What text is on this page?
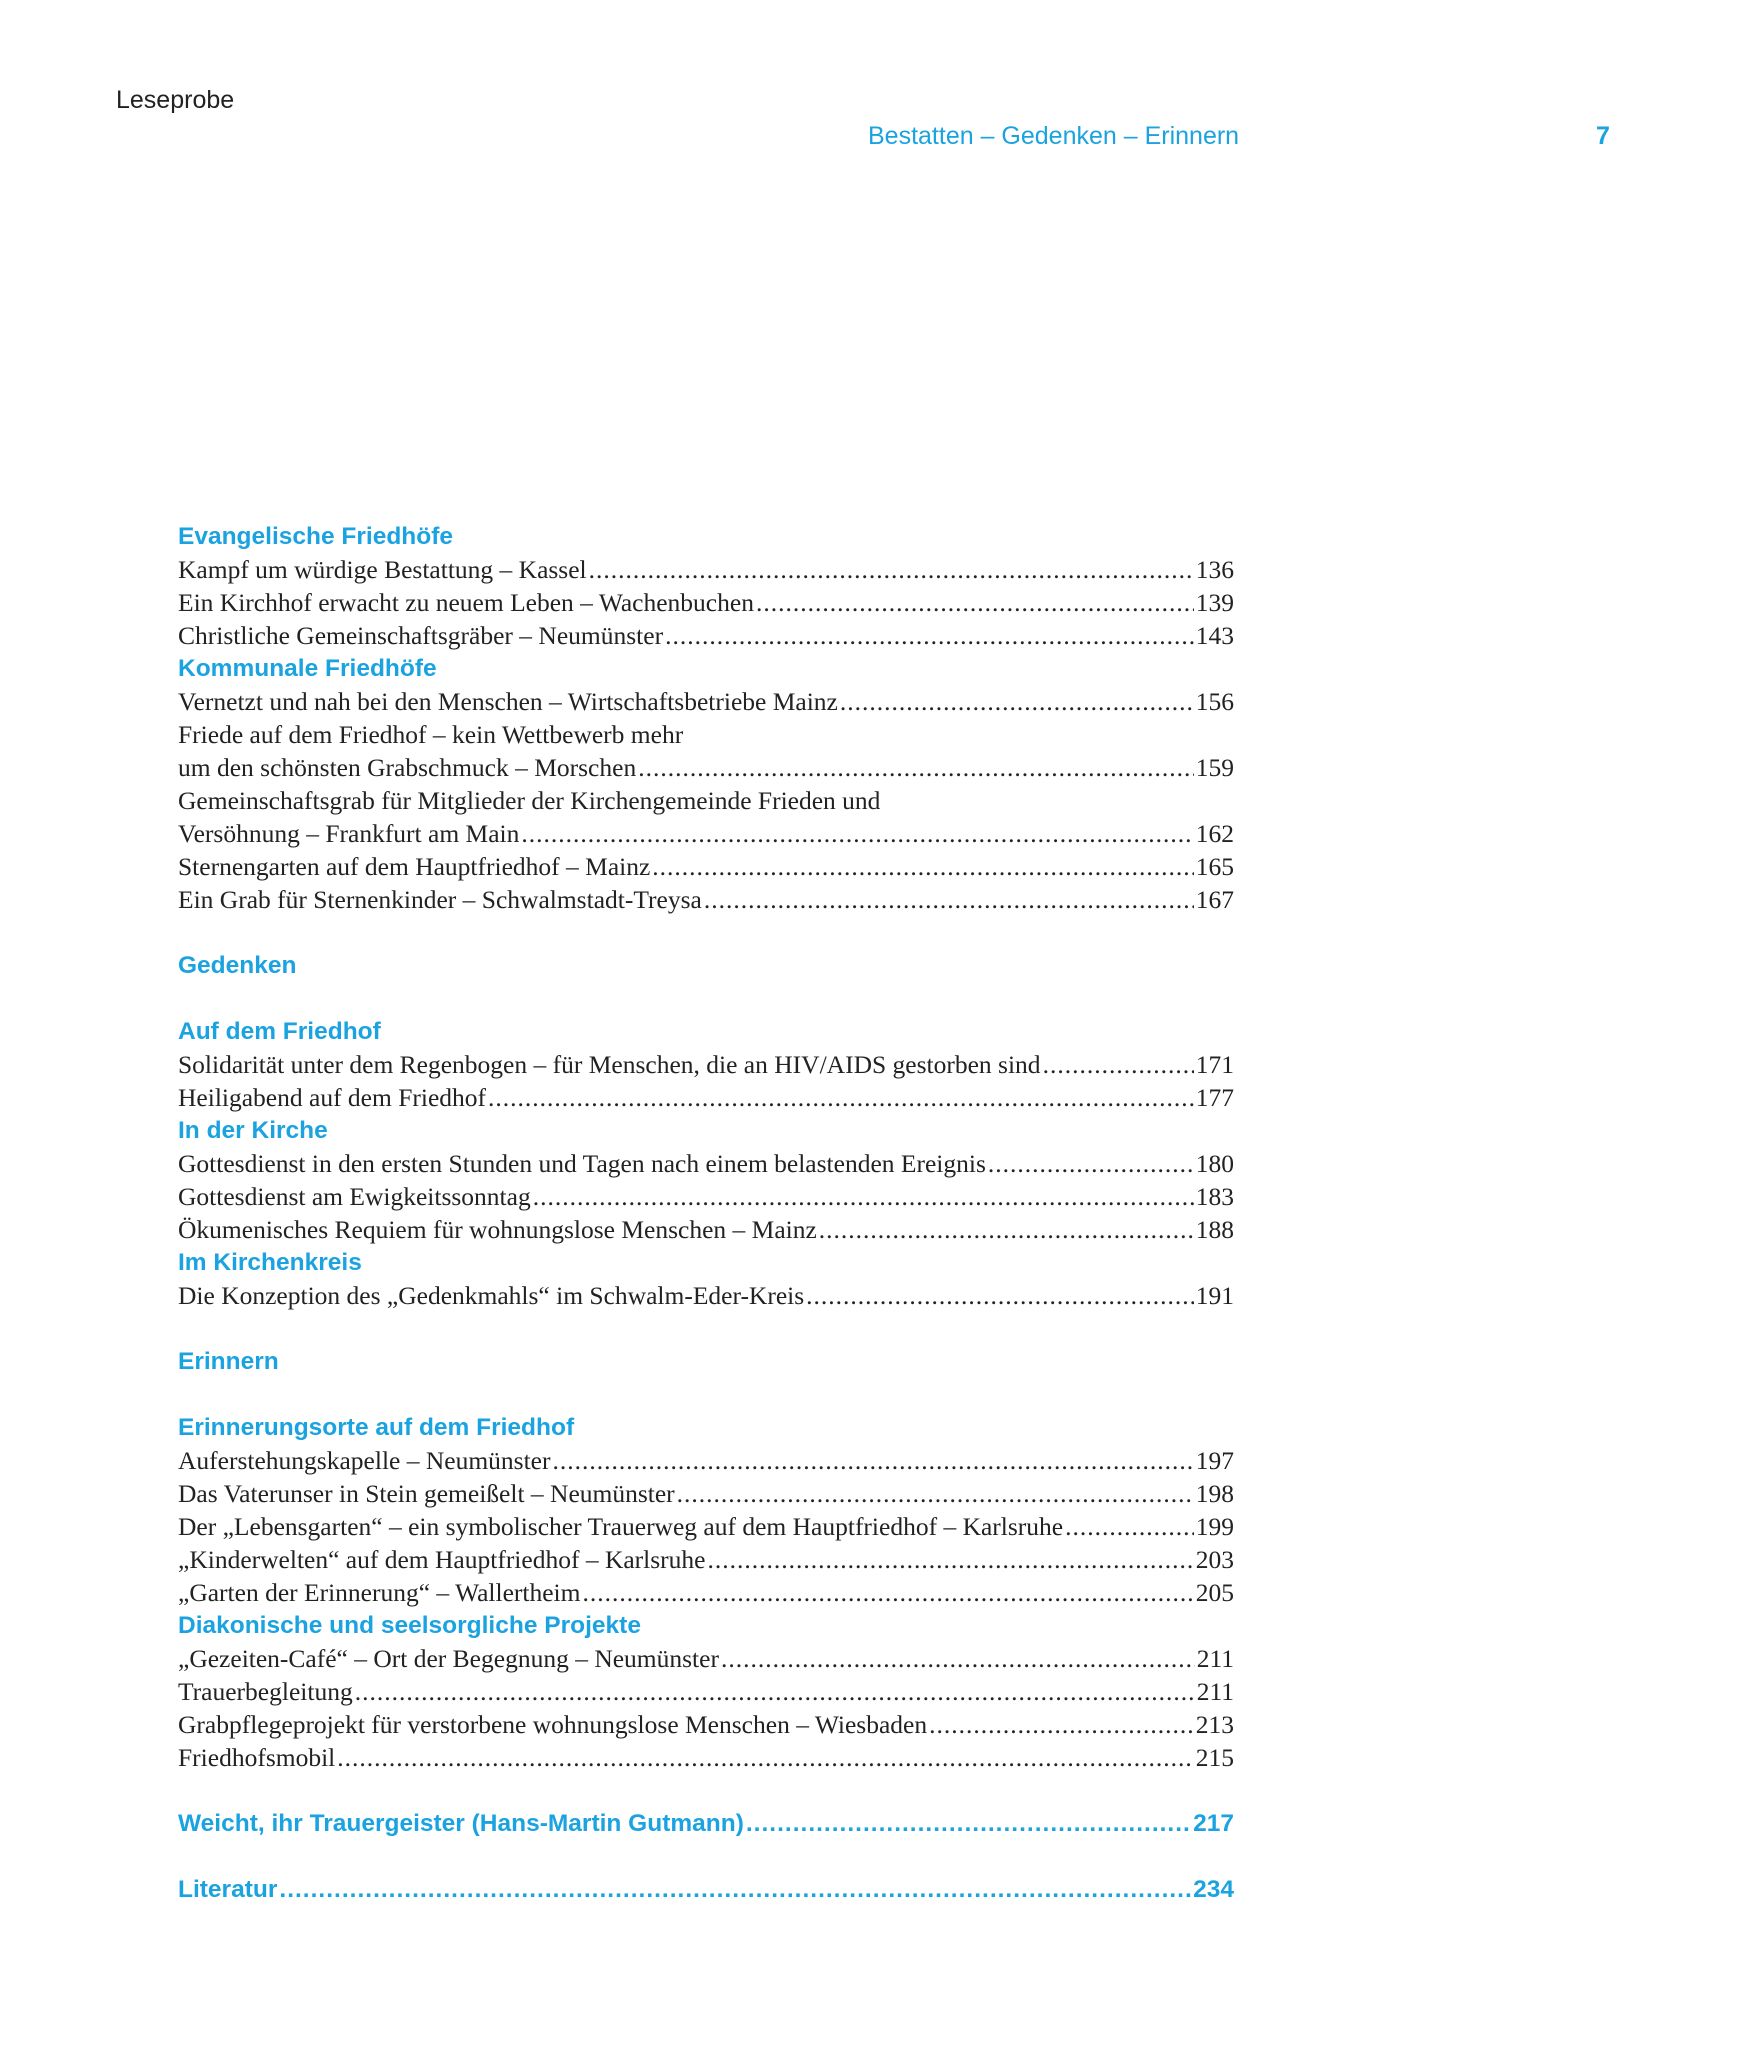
Leseprobe
Bestatten – Gedenken – Erinnern	7
Evangelische Friedhöfe
Kampf um würdige Bestattung – Kassel .....	136
Ein Kirchhof erwacht zu neuem Leben – Wachenbuchen .....	139
Christliche Gemeinschaftsgräber – Neumünster .....	143
Kommunale Friedhöfe
Vernetzt und nah bei den Menschen – Wirtschaftsbetriebe Mainz .....	156
Friede auf dem Friedhof – kein Wettbewerb mehr
um den schönsten Grabschmuck – Morschen .....	159
Gemeinschaftsgrab für Mitglieder der Kirchengemeinde Frieden und
Versöhnung – Frankfurt am Main .....	162
Sternengarten auf dem Hauptfriedhof – Mainz .....	165
Ein Grab für Sternenkinder – Schwalmstadt-Treysa .....	167
Gedenken
Auf dem Friedhof
Solidarität unter dem Regenbogen – für Menschen, die an HIV/AIDS gestorben sind .....	171
Heiligabend auf dem Friedhof .....	177
In der Kirche
Gottesdienst in den ersten Stunden und Tagen nach einem belastenden Ereignis .....	180
Gottesdienst am Ewigkeitssonntag .....	183
Ökumenisches Requiem für wohnungslose Menschen – Mainz .....	188
Im Kirchenkreis
Die Konzeption des „Gedenkmahls“ im Schwalm-Eder-Kreis .....	191
Erinnern
Erinnerungsorte auf dem Friedhof
Auferstehungskapelle – Neumünster .....	197
Das Vaterunser in Stein gemeißelt – Neumünster .....	198
Der „Lebensgarten“ – ein symbolischer Trauerweg auf dem Hauptfriedhof – Karlsruhe .....	199
„Kinderwelten“ auf dem Hauptfriedhof – Karlsruhe .....	203
„Garten der Erinnerung“ – Wallertheim .....	205
Diakonische und seelsorgliche Projekte
„Gezeiten-Café“ – Ort der Begegnung – Neumünster .....	211
Trauerbegleitung .....	211
Grabpflegeprojekt für verstorbene wohnungslose Menschen – Wiesbaden .....	213
Friedhofsmobil .....	215
Weicht, ihr Trauergeister (Hans-Martin Gutmann) .....	217
Literatur .....	234
